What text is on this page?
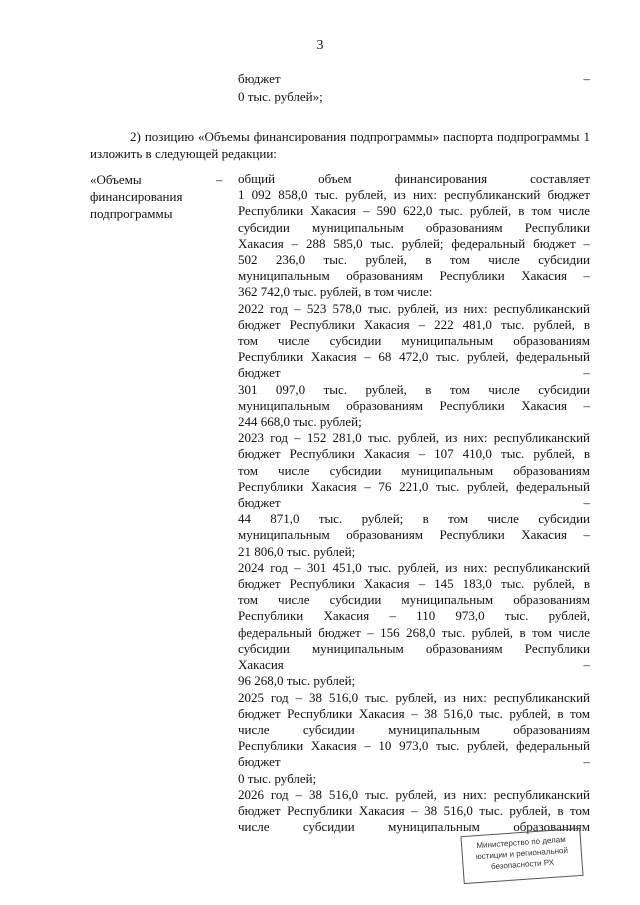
3
бюджет	–
0 тыс. рублей»;
2) позицию «Объемы финансирования подпрограммы» паспорта подпрограммы 1 изложить в следующей редакции:
«Объемы
финансирования
подпрограммы
– общий объем финансирования составляет
1 092 858,0 тыс. рублей, из них: республиканский бюджет
Республики Хакасия – 590 622,0 тыс. рублей, в том числе
субсидии муниципальным образованиям Республики
Хакасия – 288 585,0 тыс. рублей; федеральный бюджет –
502 236,0 тыс. рублей, в том числе субсидии
муниципальным образованиям Республики Хакасия –
362 742,0 тыс. рублей, в том числе:
2022 год – 523 578,0 тыс. рублей, из них: республиканский
бюджет Республики Хакасия – 222 481,0 тыс. рублей, в
том числе субсидии муниципальным образованиям
Республики Хакасия – 68 472,0 тыс. рублей, федеральный
бюджет –
301 097,0 тыс. рублей, в том числе субсидии
муниципальным образованиям Республики Хакасия –
244 668,0 тыс. рублей;
2023 год – 152 281,0 тыс. рублей, из них: республиканский
бюджет Республики Хакасия – 107 410,0 тыс. рублей, в
том числе субсидии муниципальным образованиям
Республики Хакасия – 76 221,0 тыс. рублей, федеральный
бюджет –
44 871,0 тыс. рублей; в том числе субсидии
муниципальным образованиям Республики Хакасия –
21 806,0 тыс. рублей;
2024 год – 301 451,0 тыс. рублей, из них: республиканский
бюджет Республики Хакасия – 145 183,0 тыс. рублей, в
том числе субсидии муниципальным образованиям
Республики Хакасия – 110 973,0 тыс. рублей,
федеральный бюджет – 156 268,0 тыс. рублей, в том числе
субсидии муниципальным образованиям Республики
Хакасия –
96 268,0 тыс. рублей;
2025 год – 38 516,0 тыс. рублей, из них: республиканский
бюджет Республики Хакасия – 38 516,0 тыс. рублей, в том
числе субсидии муниципальным образованиям
Республики Хакасия – 10 973,0 тыс. рублей, федеральный
бюджет –
0 тыс. рублей;
2026 год – 38 516,0 тыс. рублей, из них: республиканский
бюджет Республики Хакасия – 38 516,0 тыс. рублей, в том
числе субсидии муниципальным образованиям
Министерство по делам
юстиции и региональной
безопасности РХ
